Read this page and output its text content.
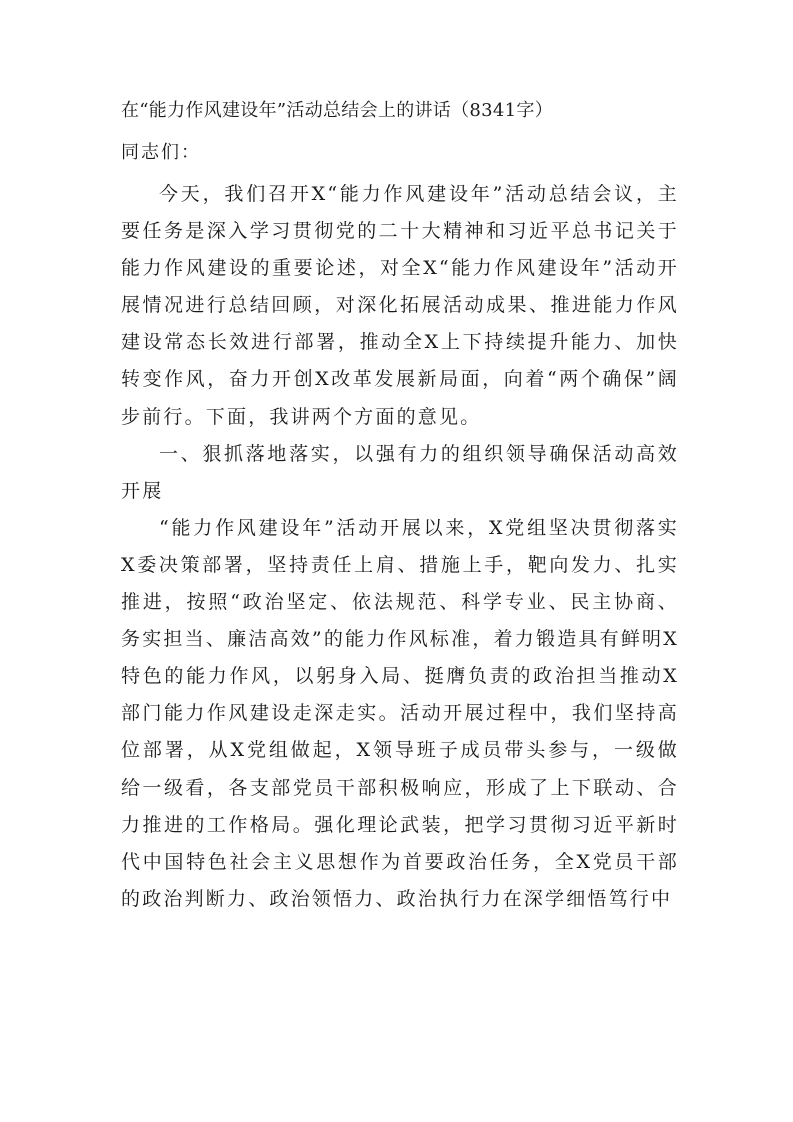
在“能力作风建设年”活动总结会上的讲话（8341字）
同志们：

今天，我们召开X“能力作风建设年”活动总结会议，主要任务是深入学习贯彻党的二十大精神和习近平总书记关于能力作风建设的重要论述，对全X“能力作风建设年”活动开展情况进行总结回顾，对深化拓展活动成果、推进能力作风建设常态长效进行部署，推动全X上下持续提升能力、加快转变作风，奋力开创X改革发展新局面，向着“两个确保”阔步前行。下面，我讲两个方面的意见。

一、狠抓落地落实，以强有力的组织领导确保活动高效开展

“能力作风建设年”活动开展以来，X党组坚决贯彻落实X委决策部署，坚持责任上肩、措施上手，靶向发力、扎实推进，按照“政治坚定、依法规范、科学专业、民主协商、务实担当、廉洁高效”的能力作风标准，着力锻造具有鲜明X特色的能力作风，以躬身入局、挺膺负责的政治担当推动X部门能力作风建设走深走实。活动开展过程中，我们坚持高位部署，从X党组做起，X领导班子成员带头参与，一级做给一级看，各支部党员干部积极响应，形成了上下联动、合力推进的工作格局。强化理论武装，把学习贯彻习近平新时代中国特色社会主义思想作为首要政治任务，全X党员干部的政治判断力、政治领悟力、政治执行力在深学细悟笃行中
